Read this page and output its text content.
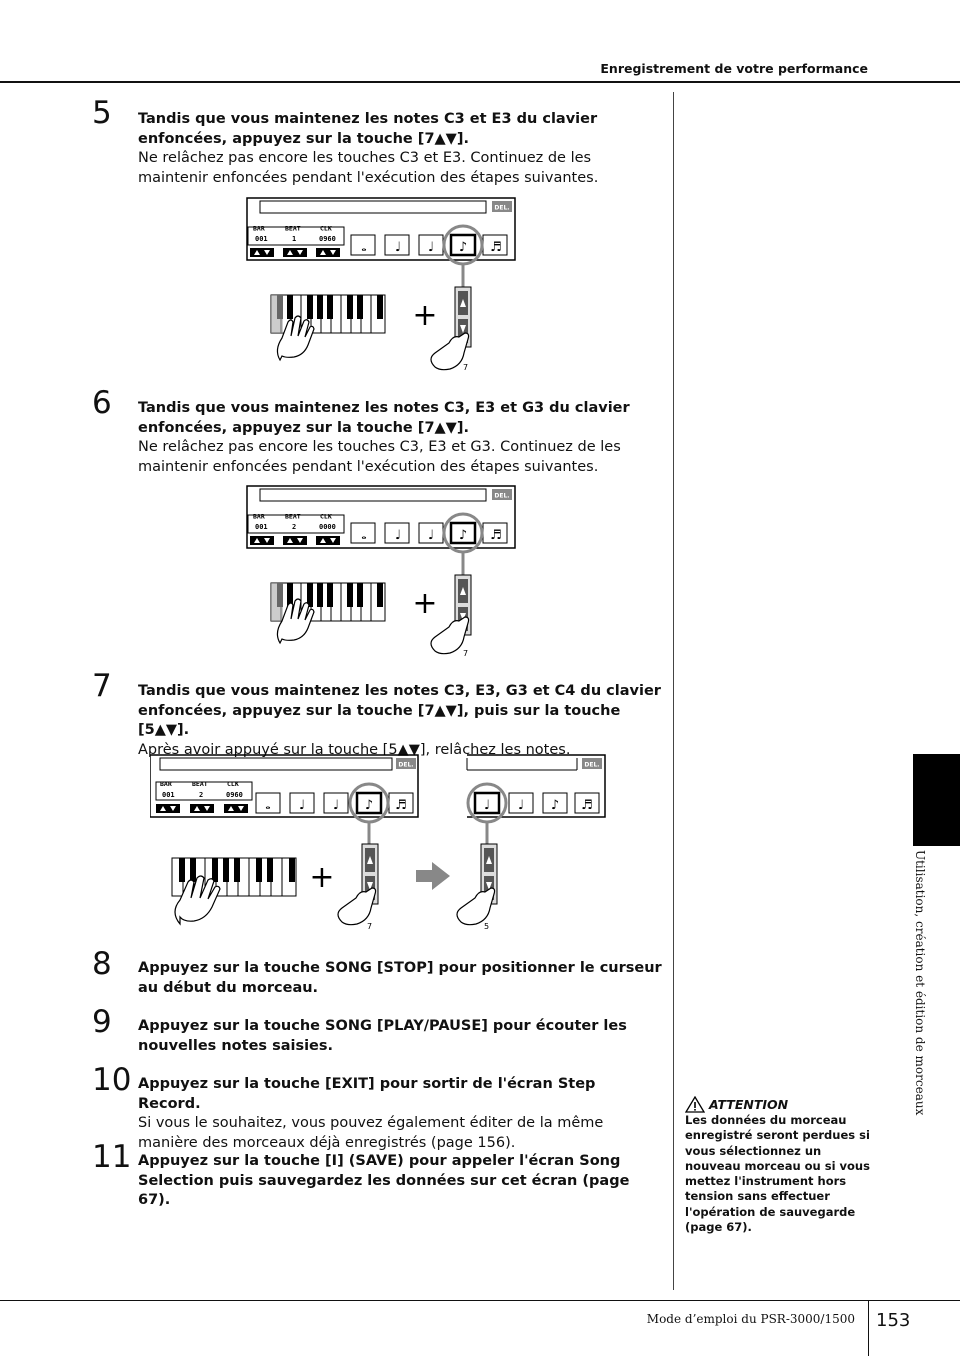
Enregistrement de votre performance
5 Tandis que vous maintenez les notes C3 et E3 du clavier enfoncées, appuyez sur la touche [7▲▼].
Ne relâchez pas encore les touches C3 et E3. Continuez de les maintenir enfoncées pendant l'exécution des étapes suivantes.
DEL.
BAR	BEAT	CLK
001	1	0960
𝅝 ♩ ♩ ♪ ♬
+
7
6 Tandis que vous maintenez les notes C3, E3 et G3 du clavier enfoncées, appuyez sur la touche [7▲▼].
Ne relâchez pas encore les touches C3, E3 et G3. Continuez de les maintenir enfoncées pendant l'exécution des étapes suivantes.
DEL.
BAR	BEAT	CLK
001	2	0000
𝅝 ♩ ♩ ♪ ♬
+
7
7 Tandis que vous maintenez les notes C3, E3, G3 et C4 du clavier enfoncées, appuyez sur la touche [7▲▼], puis sur la touche [5▲▼].
Après avoir appuyé sur la touche [5▲▼], relâchez les notes.
DEL.
BAR	BEAT	CLK
001	2	0960
𝅝 ♩ ♩ ♪ ♬
DEL.
♩ ♩ ♪ ♬
+
7	5
8 Appuyez sur la touche SONG [STOP] pour positionner le curseur au début du morceau.
9 Appuyez sur la touche SONG [PLAY/PAUSE] pour écouter les nouvelles notes saisies.
10 Appuyez sur la touche [EXIT] pour sortir de l'écran Step Record.
Si vous le souhaitez, vous pouvez également éditer de la même manière des morceaux déjà enregistrés (page 156).
11 Appuyez sur la touche [I] (SAVE) pour appeler l'écran Song Selection puis sauvegardez les données sur cet écran (page 67).
ATTENTION
Les données du morceau enregistré seront perdues si vous sélectionnez un nouveau morceau ou si vous mettez l'instrument hors tension sans effectuer l'opération de sauvegarde (page 67).
Utilisation, création et édition de morceaux
Mode d’emploi du PSR-3000/1500 153
